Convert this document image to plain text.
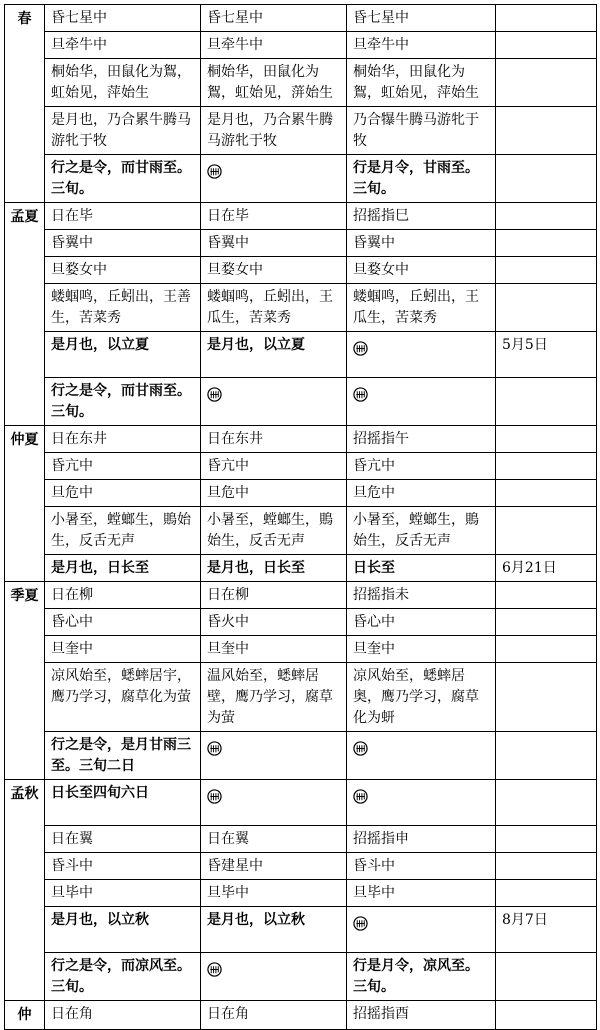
春	昏七星中	昏七星中	昏七星中	
	旦牵牛中	旦牵牛中	旦牵牛中	
	桐始华，田鼠化为鴽，虹始见，萍始生	桐始华，田鼠化为鴽，虹始见，蓱始生	桐始华，田鼠化为鴽，虹始见，萍始生	
	是月也，乃合累牛腾马游牝于牧	是月也，乃合累牛腾马游牝于牧	乃合犦牛腾马游牝于牧	
	行之是令，而甘雨至。三旬。		行是月令，甘雨至。三旬。	
孟夏	日在毕	日在毕	招摇指巳	
	昏翼中	昏翼中	昏翼中	
	旦婺女中	旦婺女中	旦婺女中	
	蝼蝈鸣，丘蚓出，王善生，苦菜秀	蝼蝈鸣，丘蚓出，王瓜生，苦菜秀	蝼蝈鸣，丘蚓出，王瓜生，苦菜秀	
	是月也，以立夏	是月也，以立夏		5月5日
	行之是令，而甘雨至。三旬。			
仲夏	日在东井	日在东井	招摇指午	
	昏亢中	昏亢中	昏亢中	
	旦危中	旦危中	旦危中	
	小暑至，螳螂生，鵙始生，反舌无声	小暑至，螳螂生，鵙始生，反舌无声	小暑至，螳螂生，鵙始生，反舌无声	
	是月也，日长至	是月也，日长至	日长至	6月21日
季夏	日在柳	日在柳	招摇指未	
	昏心中	昏火中	昏心中	
	旦奎中	旦奎中	旦奎中	
	凉风始至，蟋蟀居宇，鹰乃学习，腐草化为萤	温风始至，蟋蟀居壁，鹰乃学习，腐草为萤	凉风始至，蟋蟀居奥，鹰乃学习，腐草化为蚈	
	行之是令，是月甘雨三至。三旬二日			
孟秋	日长至四旬六日			
	日在翼	日在翼	招摇指申	
	昏斗中	昏建星中	昏斗中	
	旦毕中	旦毕中	旦毕中	
	是月也，以立秋	是月也，以立秋		8月7日
	行之是令，而凉风至。三旬。		行是月令，凉风至。三旬。	
仲	日在角	日在角	招摇指酉	
